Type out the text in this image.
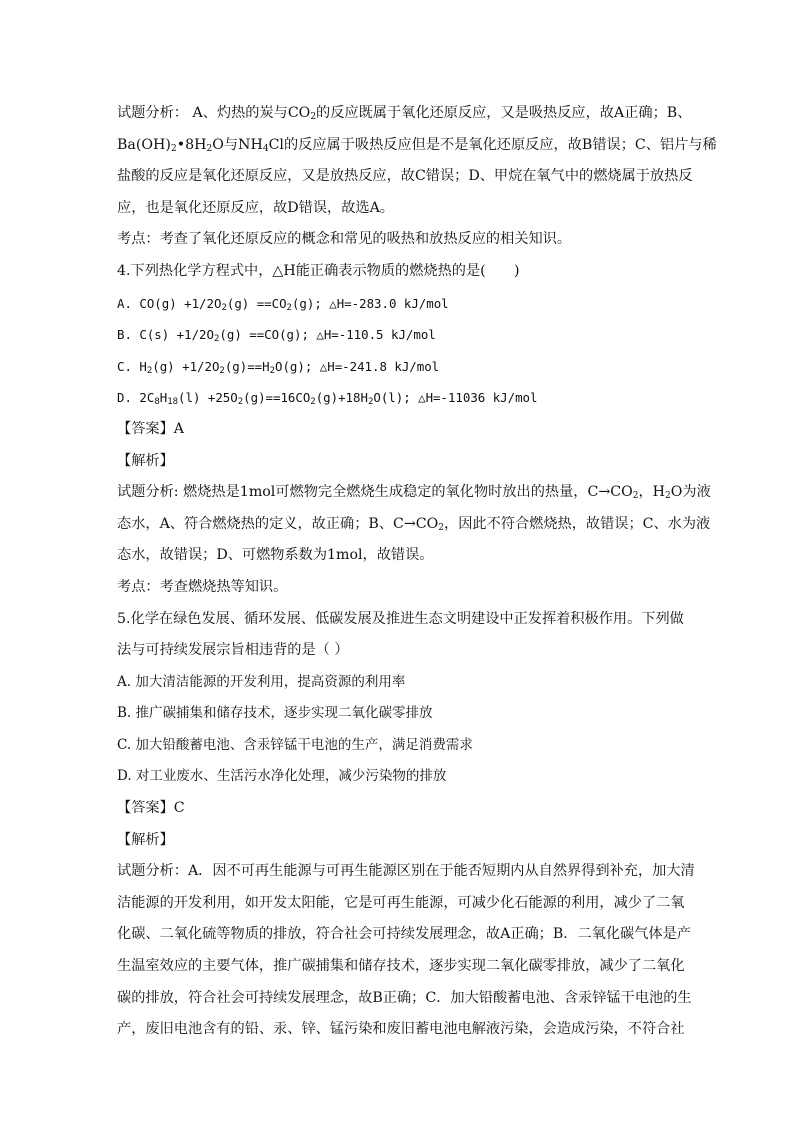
试题分析： A、灼热的炭与$CO_2$的反应既属于氧化还原反应，又是吸热反应，故A正确；B、

$Ba(OH)_2•8H_2O$与$NH_4Cl$的反应属于吸热反应但是不是氧化还原反应，故B错误；C、铝片与稀

盐酸的反应是氧化还原反应，又是放热反应，故C错误；D、甲烷在氧气中的燃烧属于放热反

应，也是氧化还原反应，故D错误，故选A。

考点：考查了氧化还原反应的概念和常见的吸热和放热反应的相关知识。

4.下列热化学方程式中，△H能正确表示物质的燃烧热的是(　　)

A. $CO(g) +1/2O_2(g) ==CO_2(g)$; △H=-283.0 kJ/mol

B. $C(s) +1/2O_2(g) ==CO(g)$; △H=-110.5 kJ/mol

C. $H_2(g) +1/2O_2(g)==H_2O(g)$; △H=-241.8 kJ/mol

D. $2C_8H_{18}(l) +25O_2(g)==16CO_2(g)+18H_2O(l)$; △H=-11036 kJ/mol

【答案】A

【解析】

试题分析: 燃烧热是1mol可燃物完全燃烧生成稳定的氧化物时放出的热量，$C\to CO_2$，$H_2O$为液

态水，A、符合燃烧热的定义，故正确；B、$C\to CO_2$，因此不符合燃烧热，故错误；C、水为液

态水，故错误；D、可燃物系数为1mol，故错误。

考点：考查燃烧热等知识。

5.化学在绿色发展、循环发展、低碳发展及推进生态文明建设中正发挥着积极作用。下列做

法与可持续发展宗旨相违背的是（ ）

A. 加大清洁能源的开发利用，提高资源的利用率

B. 推广碳捕集和储存技术，逐步实现二氧化碳零排放

C. 加大铅酸蓄电池、含汞锌锰干电池的生产，满足消费需求

D. 对工业废水、生活污水净化处理，减少污染物的排放

【答案】C

【解析】

试题分析：A．因不可再生能源与可再生能源区别在于能否短期内从自然界得到补充，加大清

洁能源的开发利用，如开发太阳能，它是可再生能源，可减少化石能源的利用，减少了二氧

化碳、二氧化硫等物质的排放，符合社会可持续发展理念，故A正确；B．二氧化碳气体是产

生温室效应的主要气体，推广碳捕集和储存技术，逐步实现二氧化碳零排放，减少了二氧化

碳的排放，符合社会可持续发展理念，故B正确；C．加大铅酸蓄电池、含汞锌锰干电池的生

产，废旧电池含有的铅、汞、锌、锰污染和废旧蓄电池电解液污染，会造成污染，不符合社
